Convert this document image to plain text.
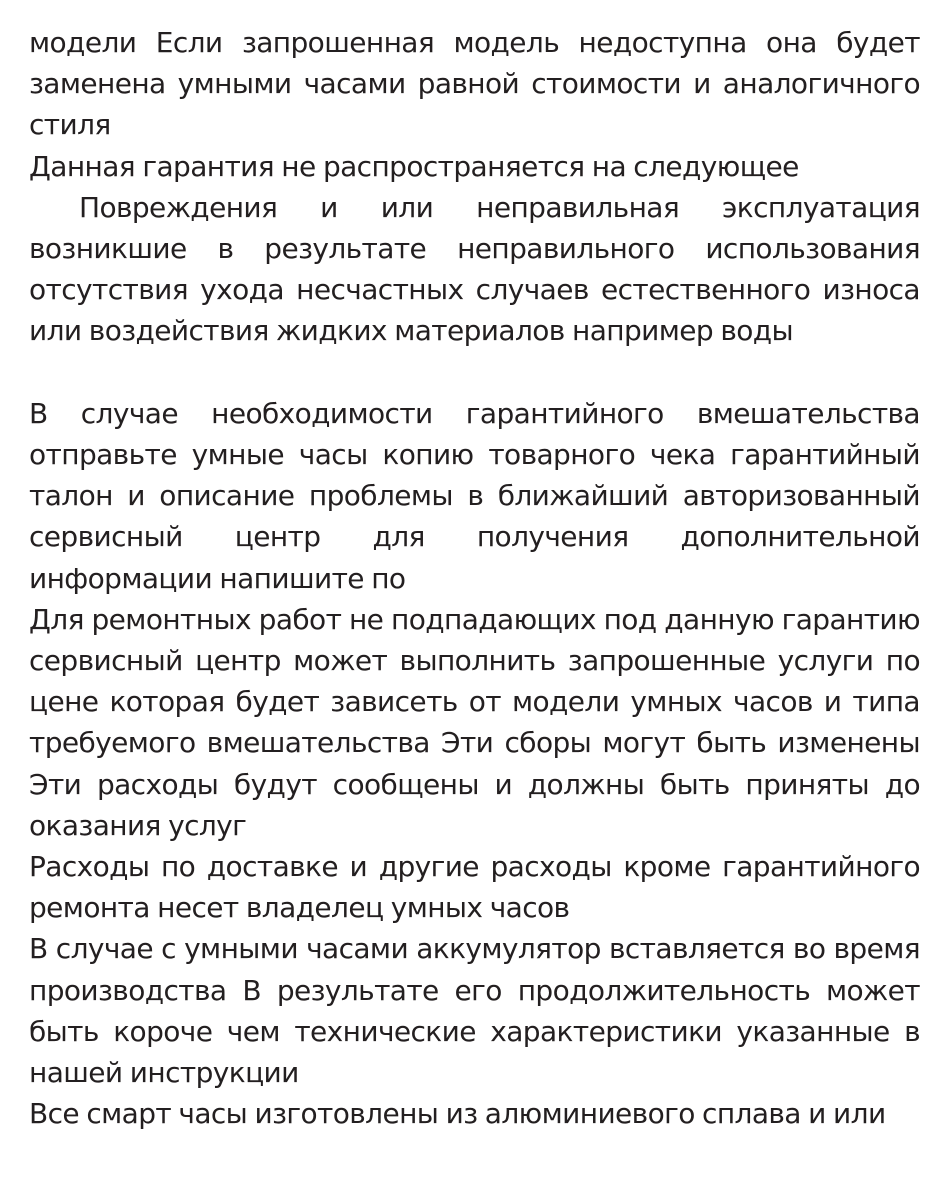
модели Если запрошенная модель недоступна она будет заменена умными часами равной стоимости и аналогичного стиля

Данная гарантия не распространяется на следующее

Повреждения и или неправильная эксплуатация возникшие в результате неправильного использования отсутствия ухода несчастных случаев естественного износа или воздействия жидких материалов например воды

В случае необходимости гарантийного вмешательства отправьте умные часы копию товарного чека гарантийный талон и описание проблемы в ближайший авторизованный сервисный центр для получения дополнительной информации напишите по

Для ремонтных работ не подпадающих под данную гарантию сервисный центр может выполнить запрошенные услуги по цене которая будет зависеть от модели умных часов и типа требуемого вмешательства Эти сборы могут быть изменены Эти расходы будут сообщены и должны быть приняты до оказания услуг

Расходы по доставке и другие расходы кроме гарантийного ремонта несет владелец умных часов

В случае с умными часами аккумулятор вставляется во время производства В результате его продолжительность может быть короче чем технические характеристики указанные в нашей инструкции

Все смарт часы изготовлены из алюминиевого сплава и или
